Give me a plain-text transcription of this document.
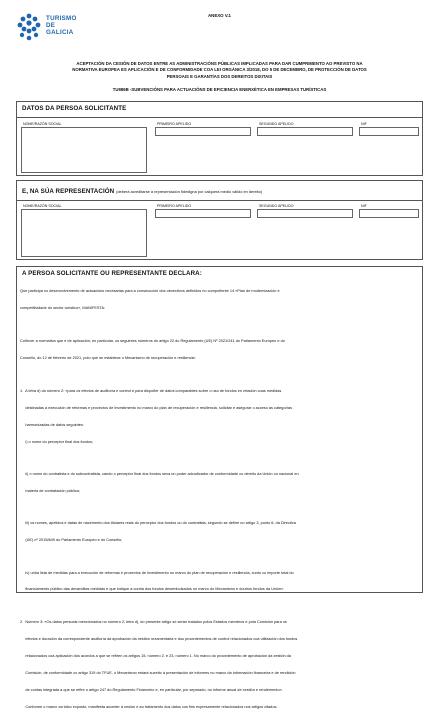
TURISMO
DE
GALICIA
ANEXO V.1
ACEPTACIÓN DA CESIÓN DE DATOS ENTRE AS ADMINISTRACIÓNS PÚBLICAS IMPLICADAS PARA DAR CUMPRIMENTO AO PREVISTO NA
NORMATIVA EUROPEA ES APLICACIÓN E DE CONFORMIDADE COA LEI ORGÁNICA 3/2018, DO 5 DE DECEMBRO, DE PROTECCIÓN DE DATOS
PERSOAIS E GARANTÍAS DOS DEREITOS DIXITAIS
TU986B -SUBVENCIÓNS PARA ACTUACIÓNS DE EFICIENCIA ENERXÉTICA EN EMPRESAS TURÍSTICAS
DATOS DA PERSOA SOLICITANTE
NOME/RAZÓN SOCIAL	PRIMEIRO APELIDO	SEGUNDO APELIDO	NIF
E, NA SÚA REPRESENTACIÓN (deberá acreditarse a representación fidedigna por calquera medio válido en dereito)
NOME/RAZÓN SOCIAL	PRIMEIRO APELIDO	SEGUNDO APELIDO	NIF
A PERSOA SOLICITANTE OU REPRESENTANTE DECLARA:

Que participa no desenvolvemento de actuacións necesarias para a consecución dos obxectivos definidos no compoñente 14 «Plan de modernización e

competitividade do sector turístico», MANIFESTA:

Coñecer a normativa que é de aplicación, en particular, os seguintes números do artigo 22 do Regulamento (UE) Nº 2021/241 do Parlamento Europeo e do

Consello, do 12 de febreiro de 2021, polo que se establece o Mecanismo de recuperación e resiliencia:

1.  A letra d) do número 2: «para os efectos de auditoría e control e para dispoñer de datos comparables sobre o uso de fondos en relación coas medidas

destinadas á execución de reformas e proxectos de investimento no marco do plan de recuperación e resiliencia, solicitar e asegurar o acceso ás categorías

harmonizadas de datos seguintes:

i) o nome do perceptor final dos fondos;

ii) o nome do contratista e do subcontratista, cando o perceptor final dos fondos sexa un poder adxudicador de conformidade co dereito da Unión ou nacional en

materia de contratación pública;

iii) os nomes, apelidos e datas de nacemento dos titulares reais do perceptor dos fondos ou do contratista, segundo se define no artigo 3, punto 6, da Directiva

(UE) nº 2015/849 do Parlamento Europeo e do Consello;

iv) unha lista de medidas para a execución de reformas e proxectos de investimento no marco do plan de recuperación e resiliencia, xunto co importe total do

financiamento público das devanditas medidas e que indique a contía dos fondos desembolsados no marco do Mecanismo e doutros fondos da Unión».

2.  Número 3: «Os datos persoais mencionados no número 2, letra d), do presente artigo só serán tratados polos Estados membros e pola Comisión para os

efectos e duración da correspondente auditoría da aprobación da xestión orzamentaria e dos procedementos de control relacionados coa utilización dos fondos

relacionados coa aplicación dos acordos a que se refiren os artigos 15, número 2, e 23, número 1. No marco do procedemento de aprobación da xestión da

Comisión, de conformidade co artigo 319 do TFUE, o Mecanismo estará suxeito á presentación de informes no marco da información financeira e de rendición

de contas integrada a que se refire o artigo 247 do Regulamento Financeiro e, en particular, por separado, no informe anual de xestión e rendemento».

Conforme o marco xurídico exposto, manifesta acceder á cesión e ao tratamento dos datos cos fins expresamente relacionados nos artigos citados.
